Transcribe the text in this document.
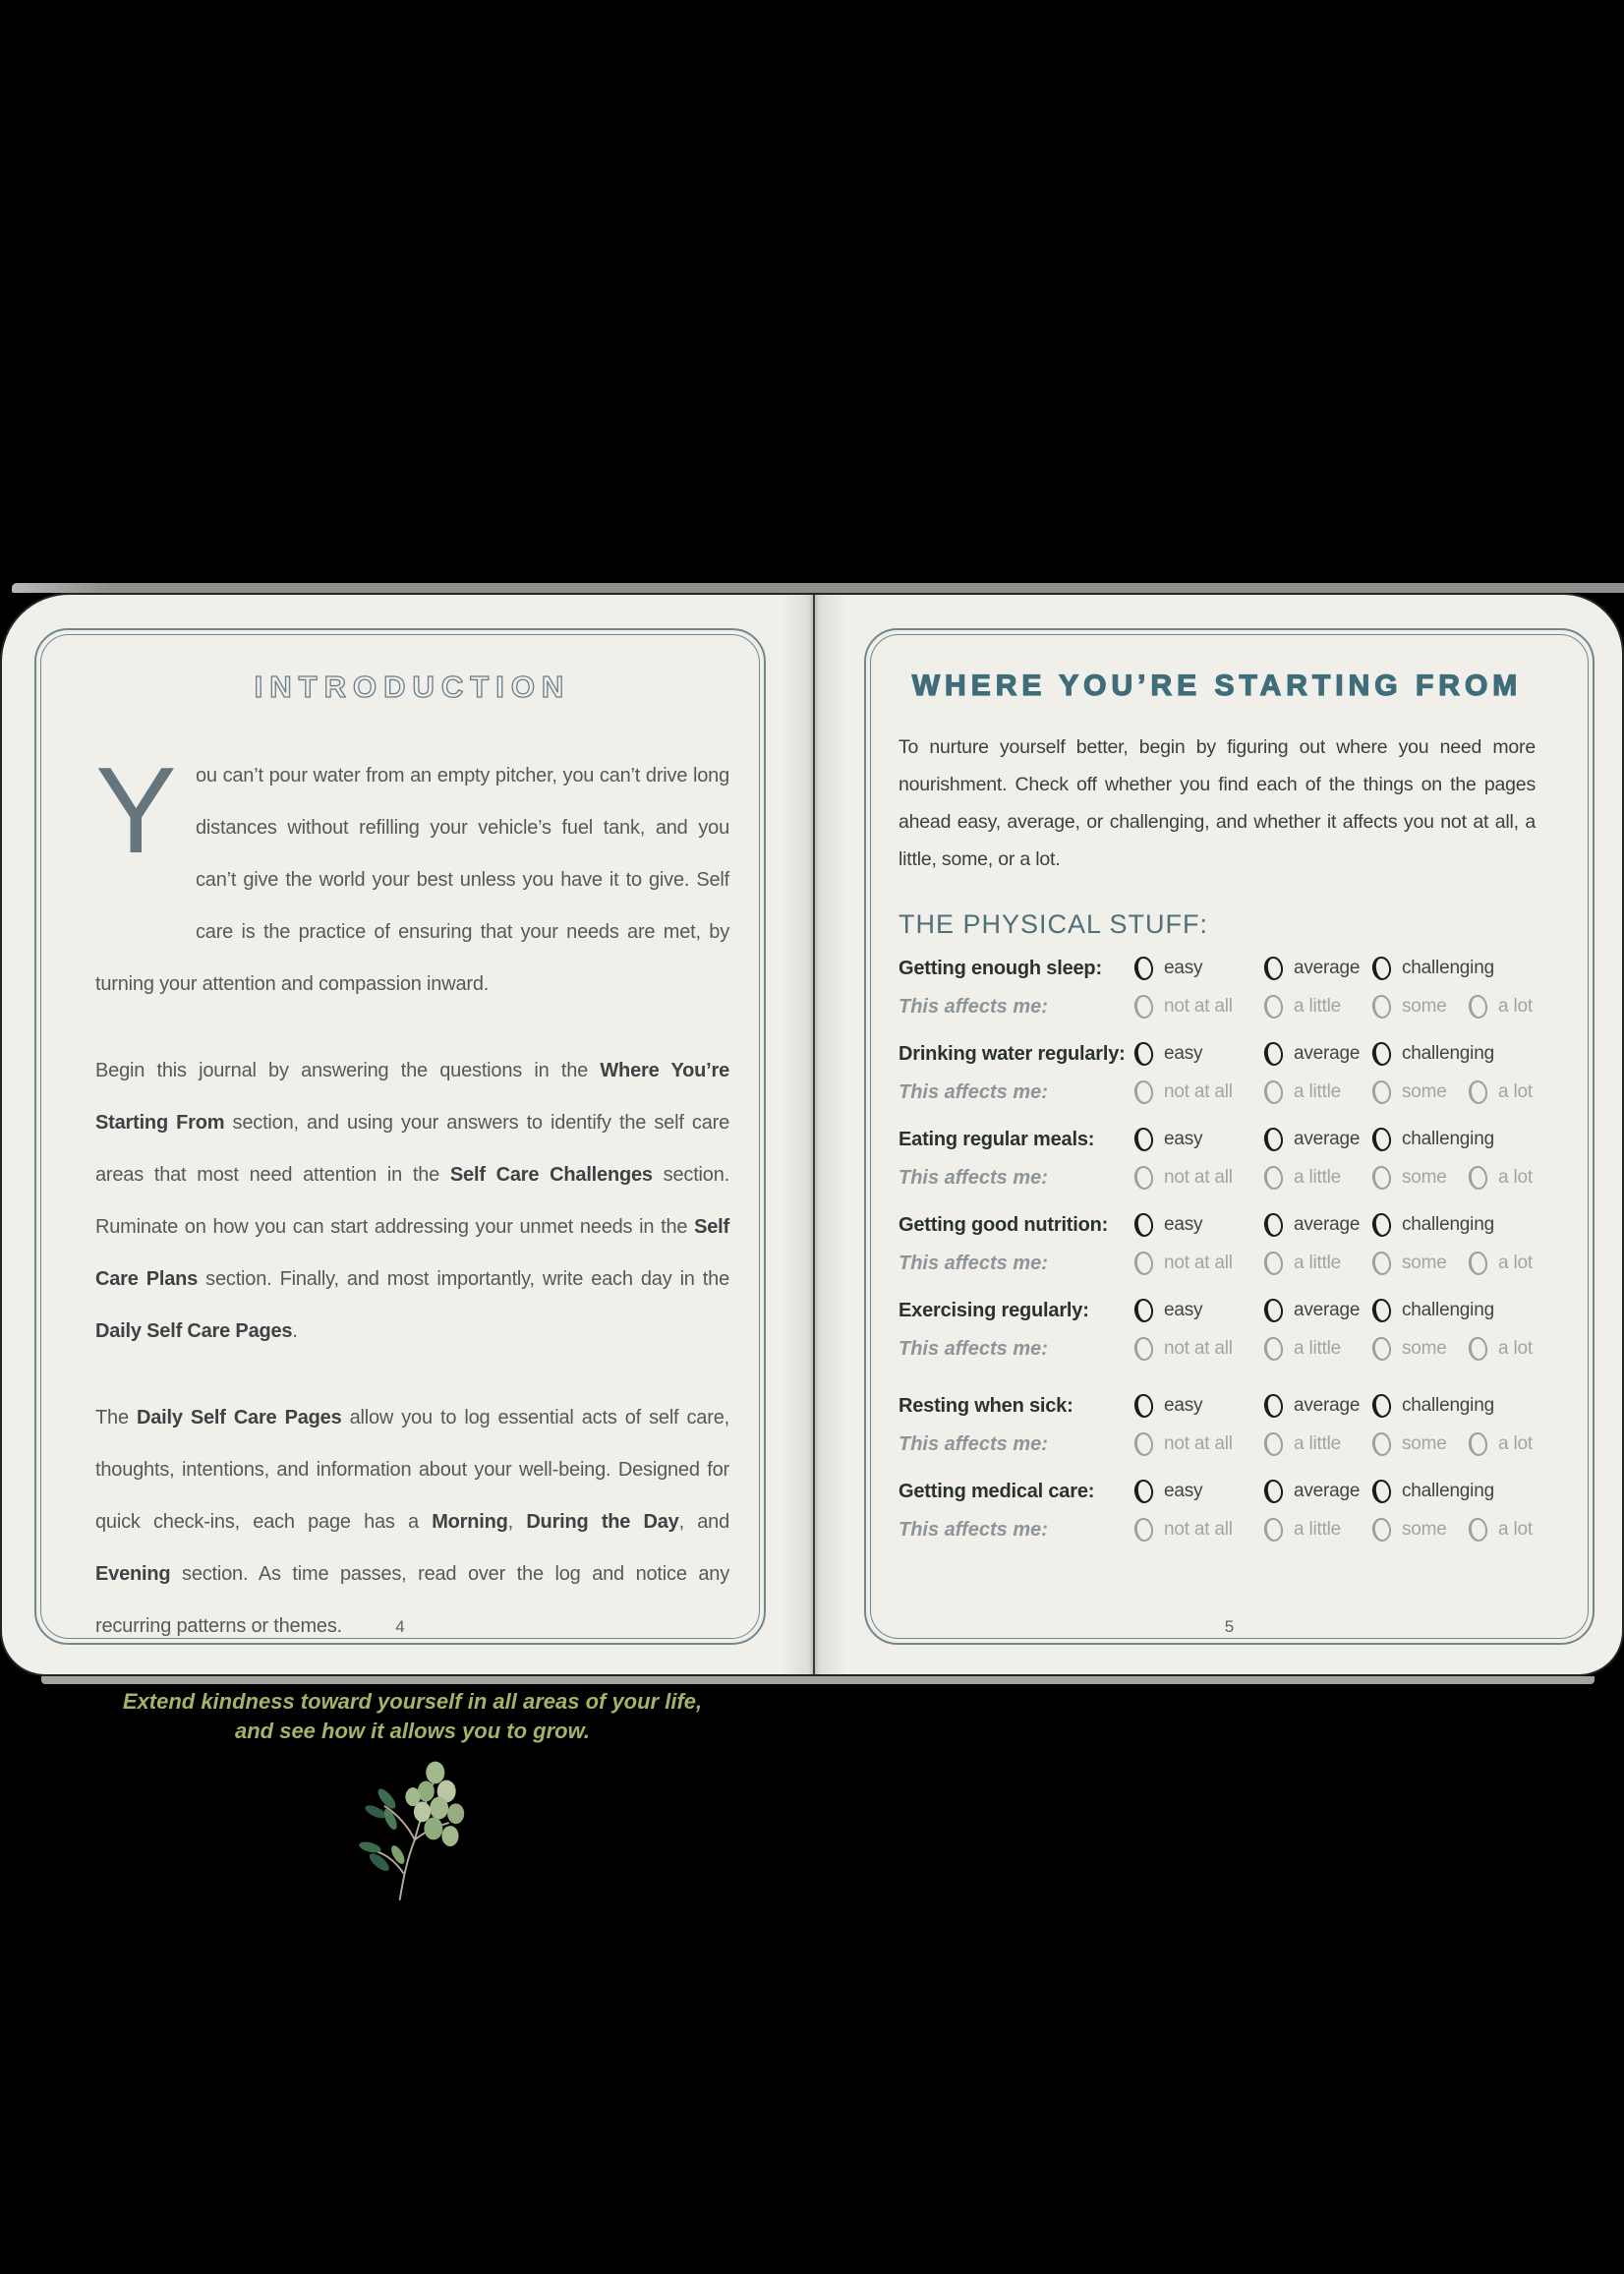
INTRODUCTION

You can’t pour water from an empty pitcher, you can’t drive long distances without refilling your vehicle’s fuel tank, and you can’t give the world your best unless you have it to give. Self care is the practice of ensuring that your needs are met, by turning your attention and compassion inward.

Begin this journal by answering the questions in the Where You’re Starting From section, and using your answers to identify the self care areas that most need attention in the Self Care Challenges section. Ruminate on how you can start addressing your unmet needs in the Self Care Plans section. Finally, and most importantly, write each day in the Daily Self Care Pages.

The Daily Self Care Pages allow you to log essential acts of self care, thoughts, intentions, and information about your well-being. Designed for quick check-ins, each page has a Morning, During the Day, and Evening section. As time passes, read over the log and notice any recurring patterns or themes.

Extend kindness toward yourself in all areas of your life,
and see how it allows you to grow.
4
WHERE YOU’RE STARTING FROM

To nurture yourself better, begin by figuring out where you need more nourishment. Check off whether you find each of the things on the pages ahead easy, average, or challenging, and whether it affects you not at all, a little, some, or a lot.

THE PHYSICAL STUFF:
Getting enough sleep:	easy	average challenging
This affects me:	not at all	a little	some	a lot
Drinking water regularly:	easy	average challenging
This affects me:	not at all	a little	some	a lot
Eating regular meals:	easy	average challenging
This affects me:	not at all	a little	some	a lot
Getting good nutrition:	easy	average challenging
This affects me:	not at all	a little	some	a lot
Exercising regularly:	easy	average challenging
This affects me:	not at all	a little	some	a lot
Resting when sick:	easy	average challenging
This affects me:	not at all	a little	some	a lot
Getting medical care:	easy	average challenging
This affects me:	not at all	a little	some	a lot
5
